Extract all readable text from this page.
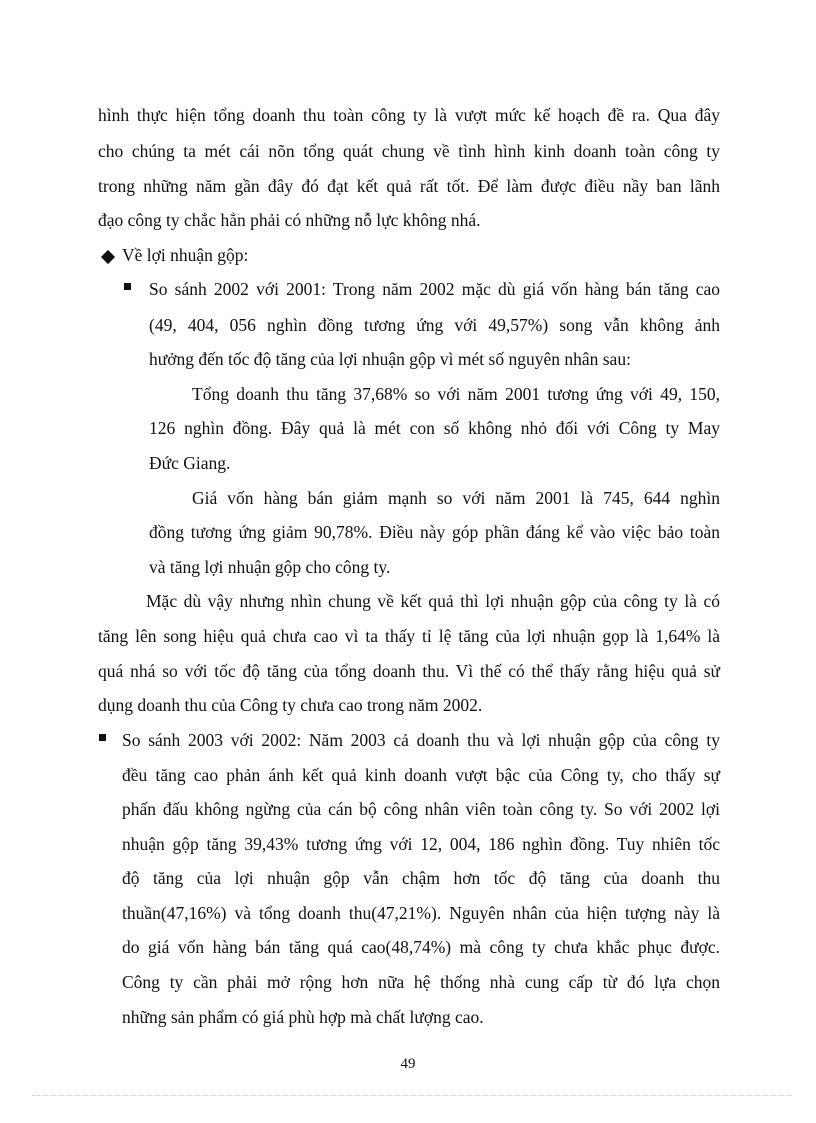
hình thực hiện tổng doanh thu toàn công ty là vượt mức kế hoạch đề ra. Qua đây
cho chúng ta mét cái nõn tổng quát chung về tình hình kinh doanh toàn công ty
trong những năm gần đây đó đạt kết quả rất tốt. Để làm được điều nầy ban lãnh
đạo công ty chắc hẳn phải có những nỗ lực không nhá.
Về lợi nhuận gộp:
So sánh 2002 với 2001: Trong năm 2002 mặc dù giá vốn hàng bán tăng cao
(49, 404, 056 nghìn đồng tương ứng với 49,57%) song vẫn không ảnh
hưởng đến tốc độ tăng của lợi nhuận gộp vì mét số nguyên nhân sau:
Tổng doanh thu tăng 37,68% so với năm 2001 tương ứng với 49, 150,
126 nghìn đồng. Đây quả là mét con số không nhỏ đối với Công ty May
Đức Giang.
Giá vốn hàng bán giảm mạnh so với năm 2001 là 745, 644 nghìn
đồng tương ứng giảm 90,78%. Điều này góp phần đáng kể vào việc bảo toàn
và tăng lợi nhuận gộp cho công ty.
Mặc dù vậy nhưng nhìn chung về kết quả thì lợi nhuận gộp của công ty là có
tăng lên song hiệu quả chưa cao vì ta thấy tỉ lệ tăng của lợi nhuận gọp là 1,64% là
quá nhá so với tốc độ tăng của tổng doanh thu. Vì thế có thể thấy rằng hiệu quả sử
dụng doanh thu của Công ty chưa cao trong năm 2002.
So sánh 2003 với 2002: Năm 2003 cả doanh thu và lợi nhuận gộp của công ty
đều tăng cao phản ánh kết quả kinh doanh vượt bậc của Công ty, cho thấy sự
phấn đấu không ngừng của cán bộ công nhân viên toàn công ty. So với 2002 lợi
nhuận gộp tăng 39,43% tương ứng với 12, 004, 186 nghìn đồng. Tuy nhiên tốc
độ tăng của lợi nhuận gộp vẫn chậm hơn tốc độ tăng của doanh thu
thuần(47,16%) và tổng doanh thu(47,21%). Nguyên nhân của hiện tượng này là
do giá vốn hàng bán tăng quá cao(48,74%) mà công ty chưa khắc phục được.
Công ty cần phải mở rộng hơn nữa hệ thống nhà cung cấp từ đó lựa chọn
những sản phẩm có giá phù hợp mà chất lượng cao.
49
